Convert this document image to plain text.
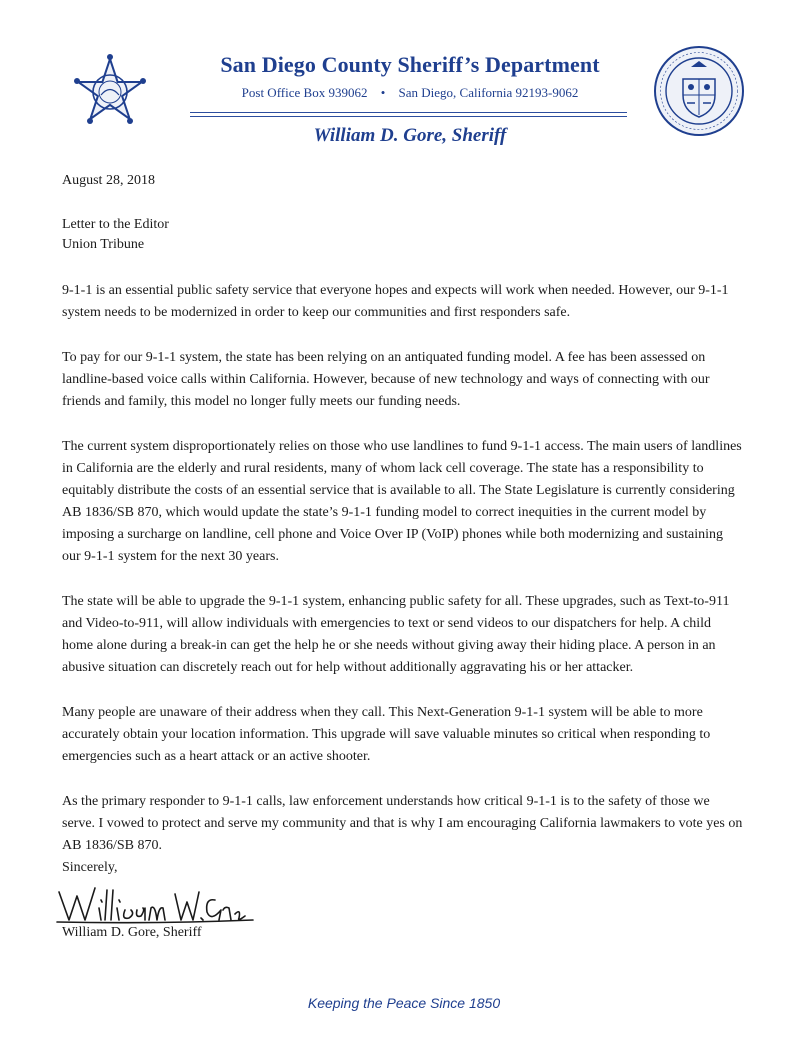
San Diego County Sheriff’s Department
Post Office Box 939062 • San Diego, California 92193-9062
William D. Gore, Sheriff
August 28, 2018
Letter to the Editor
Union Tribune

9-1-1 is an essential public safety service that everyone hopes and expects will work when needed. However, our 9-1-1 system needs to be modernized in order to keep our communities and first responders safe.

To pay for our 9-1-1 system, the state has been relying on an antiquated funding model. A fee has been assessed on landline-based voice calls within California. However, because of new technology and ways of connecting with our friends and family, this model no longer fully meets our funding needs.

The current system disproportionately relies on those who use landlines to fund 9-1-1 access. The main users of landlines in California are the elderly and rural residents, many of whom lack cell coverage. The state has a responsibility to equitably distribute the costs of an essential service that is available to all. The State Legislature is currently considering AB 1836/SB 870, which would update the state’s 9-1-1 funding model to correct inequities in the current model by imposing a surcharge on landline, cell phone and Voice Over IP (VoIP) phones while both modernizing and sustaining our 9-1-1 system for the next 30 years.

The state will be able to upgrade the 9-1-1 system, enhancing public safety for all. These upgrades, such as Text-to-911 and Video-to-911, will allow individuals with emergencies to text or send videos to our dispatchers for help. A child home alone during a break-in can get the help he or she needs without giving away their hiding place. A person in an abusive situation can discretely reach out for help without additionally aggravating his or her attacker.

Many people are unaware of their address when they call. This Next-Generation 9-1-1 system will be able to more accurately obtain your location information. This upgrade will save valuable minutes so critical when responding to emergencies such as a heart attack or an active shooter.

As the primary responder to 9-1-1 calls, law enforcement understands how critical 9-1-1 is to the safety of those we serve. I vowed to protect and serve my community and that is why I am encouraging California lawmakers to vote yes on AB 1836/SB 870.

Sincerely,
William D. Gore, Sheriff
Keeping the Peace Since 1850
